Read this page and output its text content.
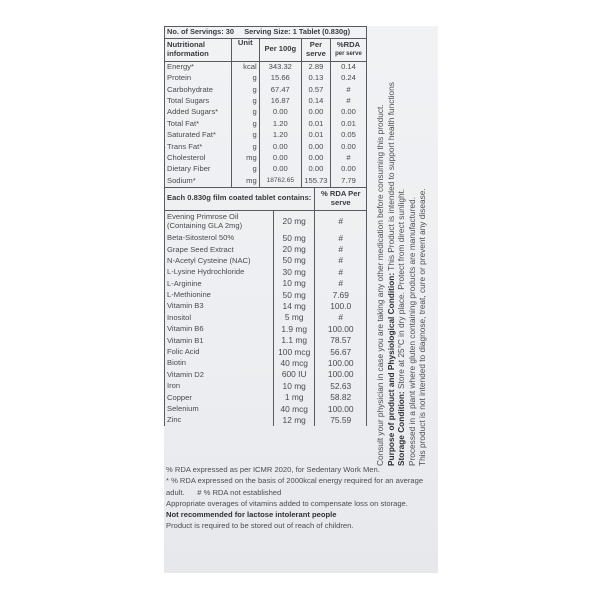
No. of Servings: 30 Serving Size: 1 Tablet (0.830g)				
Nutritional information	Unit	Per 100g	Per serve	%RDA
per serve
Energy*	kcal	343.32	2.89	0.14
Protein	g	15.66	0.13	0.24
Carbohydrate	g	67.47	0.57	#
Total Sugars	g	16.87	0.14	#
Added Sugars*	g	0.00	0.00	0.00
Total Fat*	g	1.20	0.01	0.01
Saturated Fat*	g	1.20	0.01	0.05
Trans Fat*	g	0.00	0.00	0.00
Cholesterol	mg	0.00	0.00	#
Dietary Fiber	g	0.00	0.00	0.00
Sodium*	mg	18762.65	155.73	7.79
Each 0.830g film coated tablet contains:		% RDA Per serve
Evening Primrose Oil (Containing GLA 2mg)	20 mg	#
Beta-Sitosterol 50%	50 mg	#
Grape Seed Extract	20 mg	#
N-Acetyl Cysteine (NAC)	50 mg	#
L-Lysine Hydrochloride	30 mg	#
L-Arginine	10 mg	#
L-Methionine	50 mg	7.69
Vitamin B3	14 mg	100.0
Inositol	5 mg	#
Vitamin B6	1.9 mg	100.00
Vitamin B1	1.1 mg	78.57
Folic Acid	100 mcg	56.67
Biotin	40 mcg	100.00
Vitamin D2	600 IU	100.00
Iron	10 mg	52.63
Copper	1 mg	58.82
Selenium	40 mcg	100.00
Zinc	12 mg	75.59
% RDA expressed as per ICMR 2020, for Sedentary Work Men.
* % RDA expressed on the basis of 2000kcal energy required for an average adult. # % RDA not established
Appropriate overages of vitamins added to compensate loss on storage.
Not recommended for lactose intolerant people
Product is required to be stored out of reach of children.
Consult your physician in case you are taking any other medication before consuming this product. Purpose of product and Physiological Condition: This Product is intended to support health functions
Storage Condition: Store at 25°C in dry place. Protect from direct sunlight. Processed in a plant where gluten containing products are manufactured. This product is not intended to diagnose, treat, cure or prevent any disease.
